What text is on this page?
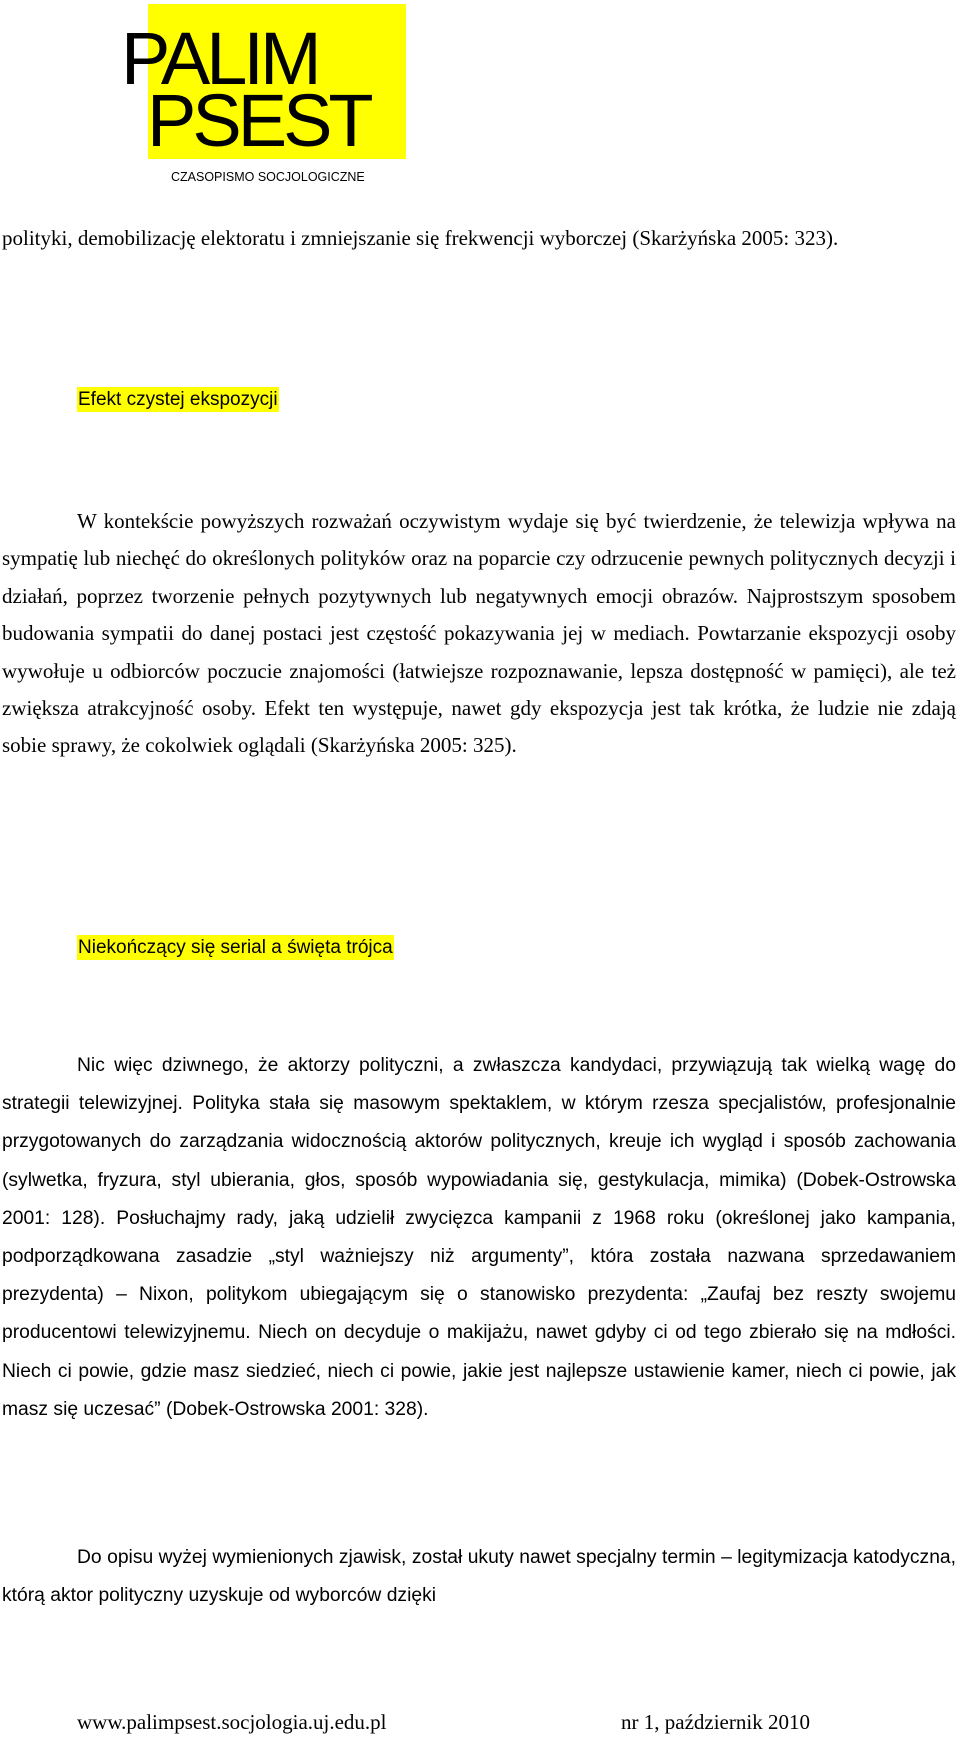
PALIM
PSEST
CZASOPISMO SOCJOLOGICZNE

polityki, demobilizację elektoratu i zmniejszanie się frekwencji wyborczej (Skarżyńska 2005: 323).

Efekt czystej ekspozycji

W kontekście powyższych rozważań oczywistym wydaje się być twierdzenie, że telewizja wpływa na sympatię lub niechęć do określonych polityków oraz na poparcie czy odrzucenie pewnych politycznych decyzji i działań, poprzez tworzenie pełnych pozytywnych lub negatywnych emocji obrazów. Najprostszym sposobem budowania sympatii do danej postaci jest częstość pokazywania jej w mediach. Powtarzanie ekspozycji osoby wywołuje u odbiorców poczucie znajomości (łatwiejsze rozpoznawanie, lepsza dostępność w pamięci), ale też zwiększa atrakcyjność osoby. Efekt ten występuje, nawet gdy ekspozycja jest tak krótka, że ludzie nie zdają sobie sprawy, że cokolwiek oglądali (Skarżyńska 2005: 325).

Niekończący się serial a święta trójca

Nic więc dziwnego, że aktorzy polityczni, a zwłaszcza kandydaci, przywiązują tak wielką wagę do strategii telewizyjnej. Polityka stała się masowym spektaklem, w którym rzesza specjalistów, profesjonalnie przygotowanych do zarządzania widocznością aktorów politycznych, kreuje ich wygląd i sposób zachowania (sylwetka, fryzura, styl ubierania, głos, sposób wypowiadania się, gestykulacja, mimika) (Dobek-Ostrowska 2001: 128). Posłuchajmy rady, jaką udzielił zwycięzca kampanii z 1968 roku (określonej jako kampania, podporządkowana zasadzie „styl ważniejszy niż argumenty”, która została nazwana sprzedawaniem prezydenta) – Nixon, politykom ubiegającym się o stanowisko prezydenta: „Zaufaj bez reszty swojemu producentowi telewizyjnemu. Niech on decyduje o makijażu, nawet gdyby ci od tego zbierało się na mdłości. Niech ci powie, gdzie masz siedzieć, niech ci powie, jakie jest najlepsze ustawienie kamer, niech ci powie, jak masz się uczesać” (Dobek-Ostrowska 2001: 328).

Do opisu wyżej wymienionych zjawisk, został ukuty nawet specjalny termin – legitymizacja katodyczna, którą aktor polityczny uzyskuje od wyborców dzięki

www.palimpsest.socjologia.uj.edu.pl	nr 1, październik 2010
